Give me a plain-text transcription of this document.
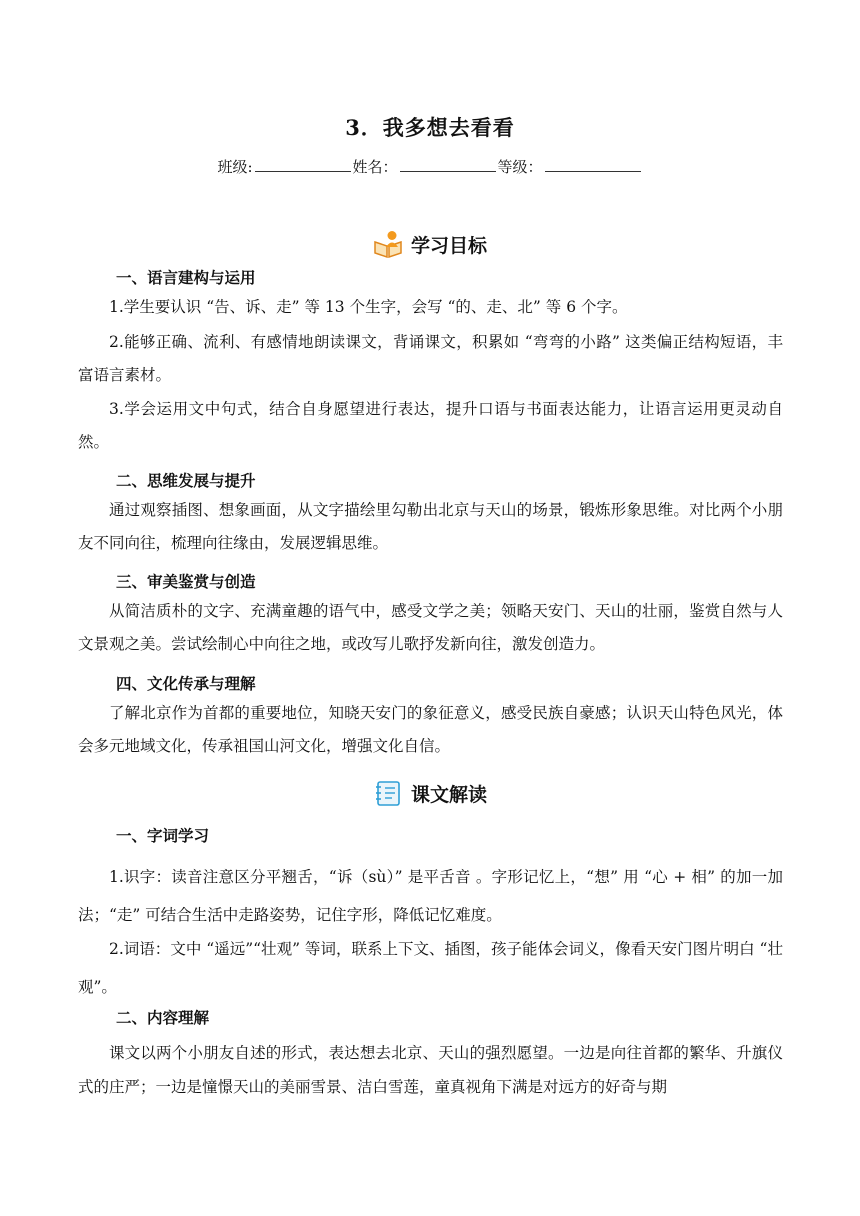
3．我多想去看看
班级:	姓名：	等级：
学习目标
一、语言建构与运用

1.学生要认识 “告、诉、走” 等 13 个生字，会写 “的、走、北” 等 6 个字。

2.能够正确、流利、有感情地朗读课文，背诵课文，积累如 “弯弯的小路” 这类偏正结构短语，丰富语言素材。

3.学会运用文中句式，结合自身愿望进行表达，提升口语与书面表达能力，让语言运用更灵动自然。

二、思维发展与提升

通过观察插图、想象画面，从文字描绘里勾勒出北京与天山的场景，锻炼形象思维。对比两个小朋友不同向往，梳理向往缘由，发展逻辑思维。

三、审美鉴赏与创造

从简洁质朴的文字、充满童趣的语气中，感受文学之美；领略天安门、天山的壮丽，鉴赏自然与人文景观之美。尝试绘制心中向往之地，或改写儿歌抒发新向往，激发创造力。

四、文化传承与理解

了解北京作为首都的重要地位，知晓天安门的象征意义，感受民族自豪感；认识天山特色风光，体会多元地域文化，传承祖国山河文化，增强文化自信。

课文解读
一、字词学习

1.识字：读音注意区分平翘舌，“诉（sù）” 是平舌音 。字形记忆上，“想” 用 “心 + 相” 的加一加法；“走” 可结合生活中走路姿势，记住字形，降低记忆难度。

2.词语：文中 “遥远”“壮观” 等词，联系上下文、插图，孩子能体会词义，像看天安门图片明白 “壮观”。

二、内容理解

课文以两个小朋友自述的形式，表达想去北京、天山的强烈愿望。一边是向往首都的繁华、升旗仪式的庄严；一边是憧憬天山的美丽雪景、洁白雪莲，童真视角下满是对远方的好奇与期
